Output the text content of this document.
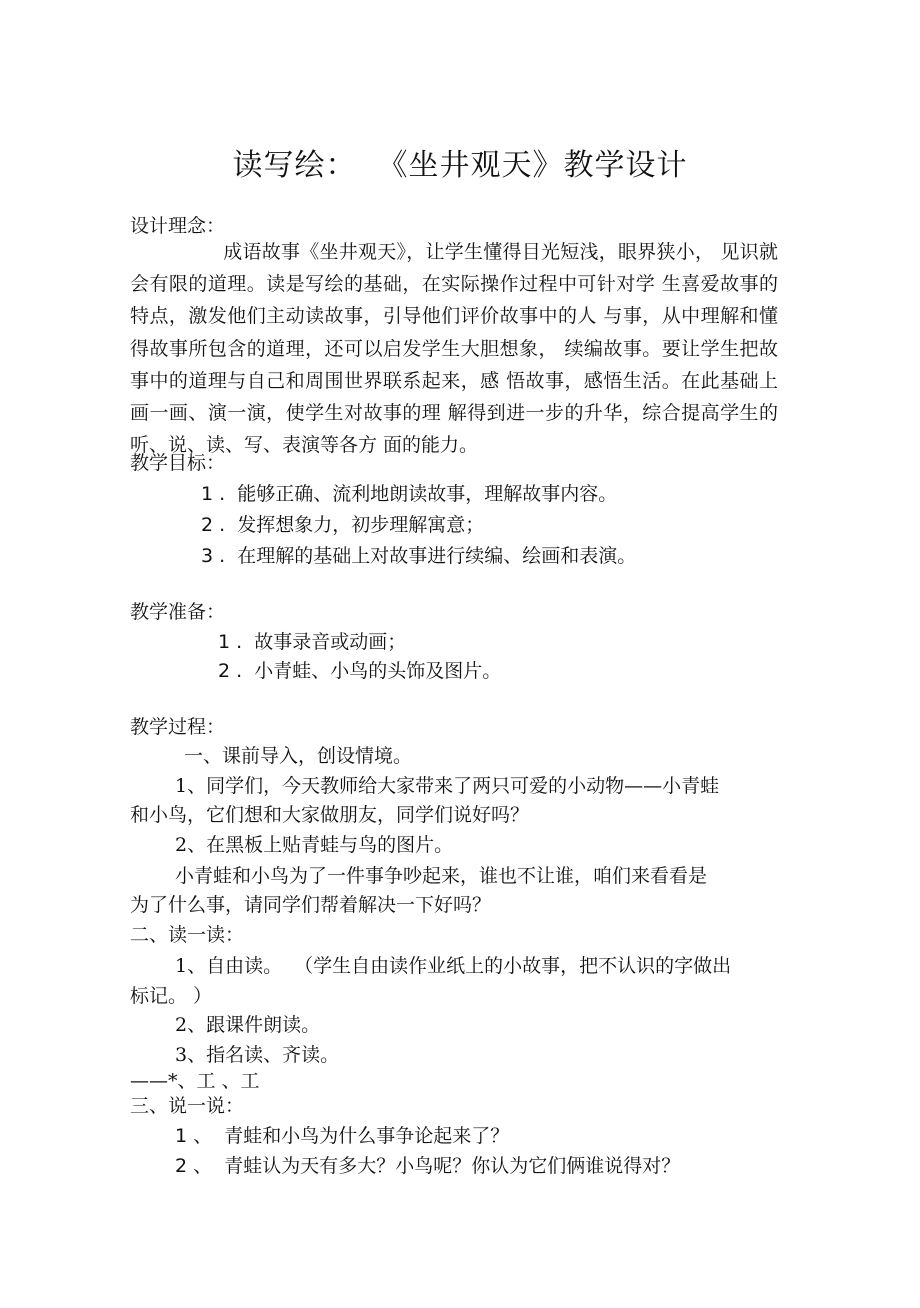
读写绘：  《坐井观天》教学设计
设计理念：
成语故事《坐井观天》，让学生懂得目光短浅，眼界狭小， 见识就会有限的道理。读是写绘的基础，在实际操作过程中可针对学 生喜爱故事的特点，激发他们主动读故事，引导他们评价故事中的人 与事，从中理解和懂得故事所包含的道理，还可以启发学生大胆想象， 续编故事。要让学生把故事中的道理与自己和周围世界联系起来，感 悟故事，感悟生活。在此基础上画一画、演一演，使学生对故事的理 解得到进一步的升华，综合提高学生的听、说、读、写、表演等各方 面的能力。
教学目标：
1 . 能够正确、流利地朗读故事，理解故事内容。
2 . 发挥想象力，初步理解寓意；
3 . 在理解的基础上对故事进行续编、绘画和表演。
教学准备：
1 . 故事录音或动画；
2 . 小青蛙、小鸟的头饰及图片。
教学过程：
一、课前导入，创设情境。
1、同学们，今天教师给大家带来了两只可爱的小动物——小青蛙
和小鸟，它们想和大家做朋友，同学们说好吗？
2、在黑板上贴青蛙与鸟的图片。
小青蛙和小鸟为了一件事争吵起来，谁也不让谁，咱们来看看是
为了什么事，请同学们帮着解决一下好吗？
二、读一读：
1、自由读。  （学生自由读作业纸上的小故事，把不认识的字做出
标记。 ）
2、跟课件朗读。
3、指名读、齐读。
——*、工 、工
三、说一说：
1 、 青蛙和小鸟为什么事争论起来了？
2 、 青蛙认为天有多大？小鸟呢？你认为它们俩谁说得对？
